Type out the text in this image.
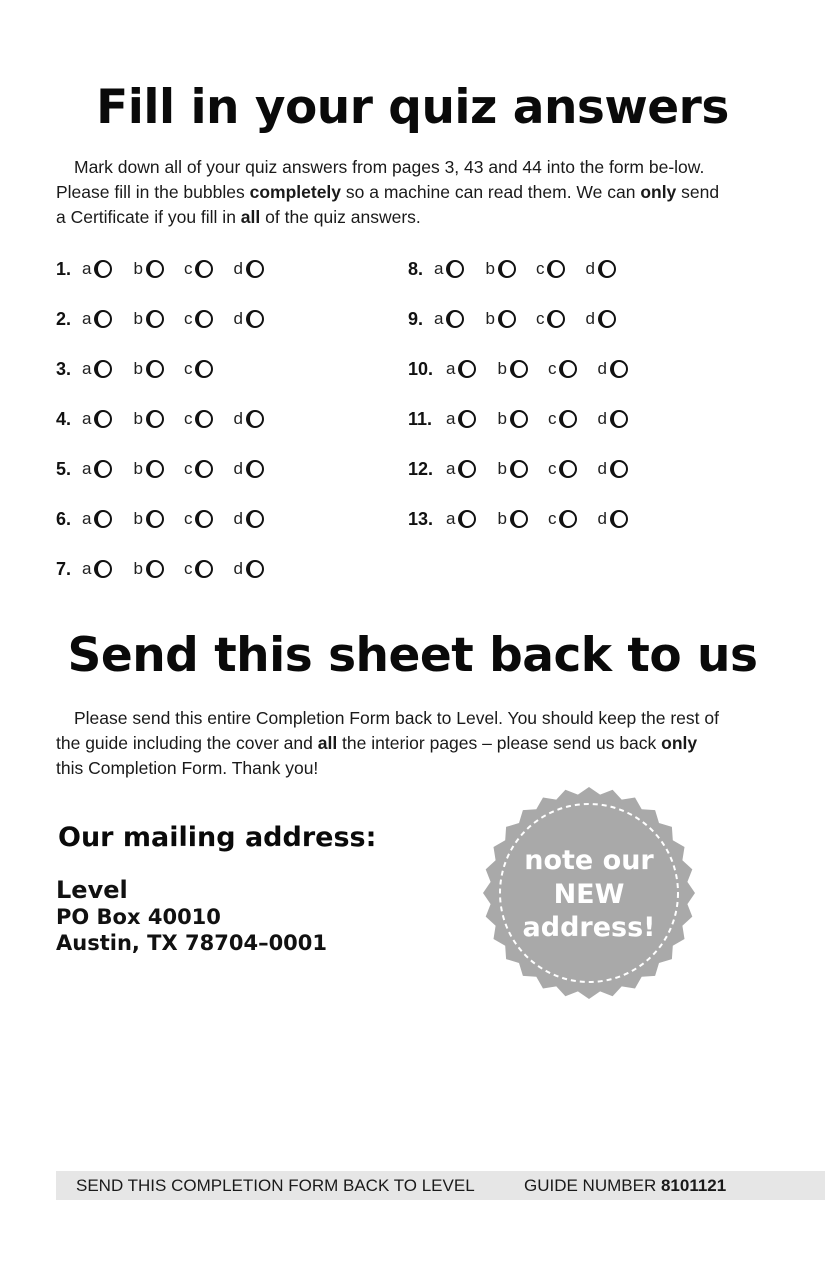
Fill in your quiz answers

Mark down all of your quiz answers from pages 3, 43 and 44 into the form be-low. Please fill in the bubbles completely so a machine can read them. We can only send a Certificate if you fill in all of the quiz answers.

1. a b c d
2. a b c d
3. a b c
4. a b c d
5. a b c d
6. a b c d
7. a b c d
8. a b c d
9. a b c d
10. a b c d
11. a b c d
12. a b c d
13. a b c d
Send this sheet back to us

Please send this entire Completion Form back to Level. You should keep the rest of the guide including the cover and all the interior pages – please send us back only this Completion Form. Thank you!

Our mailing address:
Level
PO Box 40010
Austin, TX 78704–0001
note our
NEW
address!
SEND THIS COMPLETION FORM BACK TO LEVEL	GUIDE NUMBER 8101121
